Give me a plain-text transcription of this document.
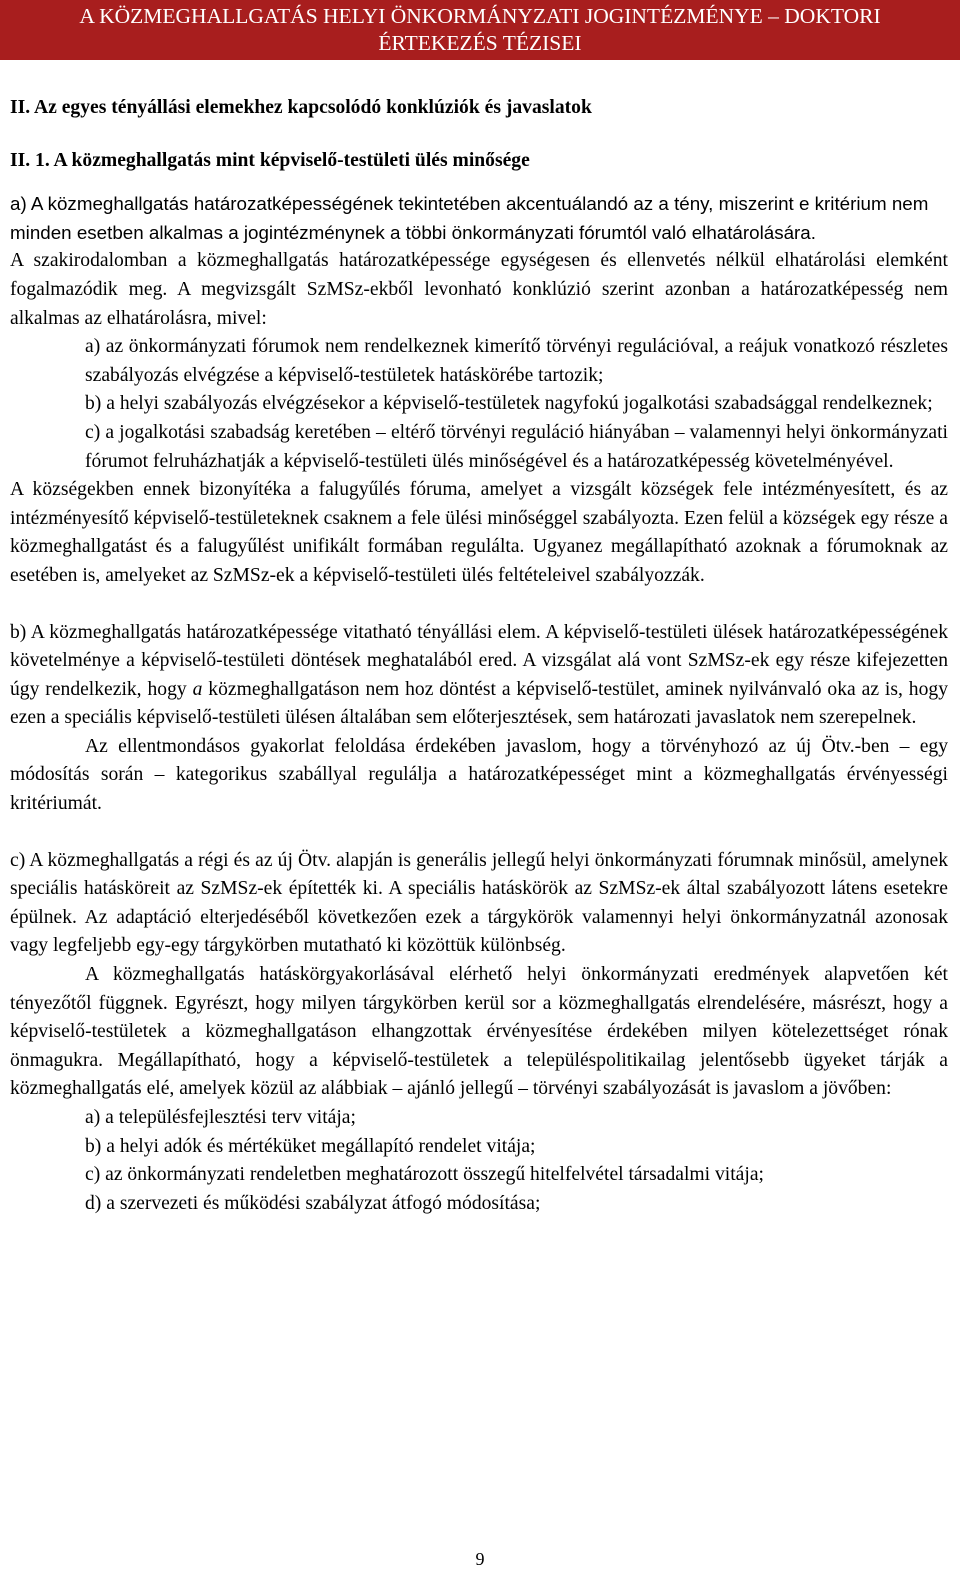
A KÖZMEGHALLGATÁS HELYI ÖNKORMÁNYZATI JOGINTÉZMÉNYE – DOKTORI
ÉRTEKEZÉS TÉZISEI
II. Az egyes tényállási elemekhez kapcsolódó konklúziók és javaslatok
II. 1. A közmeghallgatás mint képviselő-testületi ülés minősége

a) A közmeghallgatás határozatképességének tekintetében akcentuálandó az a tény, miszerint e kritérium nem minden esetben alkalmas a jogintézménynek a többi önkormányzati fórumtól való elhatárolására.

A szakirodalomban a közmeghallgatás határozatképessége egységesen és ellenvetés nélkül elhatárolási elemként fogalmazódik meg. A megvizsgált SzMSz-ekből levonható konklúzió szerint azonban a határozatképesség nem alkalmas az elhatárolásra, mivel:

a) az önkormányzati fórumok nem rendelkeznek kimerítő törvényi regulációval, a reájuk vonatkozó részletes szabályozás elvégzése a képviselő-testületek hatáskörébe tartozik;
b) a helyi szabályozás elvégzésekor a képviselő-testületek nagyfokú jogalkotási szabadsággal rendelkeznek;
c) a jogalkotási szabadság keretében – eltérő törvényi reguláció hiányában – valamennyi helyi önkormányzati fórumot felruházhatják a képviselő-testületi ülés minőségével és a határozatképesség követelményével.

A községekben ennek bizonyítéka a falugyűlés fóruma, amelyet a vizsgált községek fele intézményesített, és az intézményesítő képviselő-testületeknek csaknem a fele ülési minőséggel szabályozta. Ezen felül a községek egy része a közmeghallgatást és a falugyűlést unifikált formában regulálta. Ugyanez megállapítható azoknak a fórumoknak az esetében is, amelyeket az SzMSz-ek a képviselő-testületi ülés feltételeivel szabályozzák.

b) A közmeghallgatás határozatképessége vitatható tényállási elem. A képviselő-testületi ülések határozatképességének követelménye a képviselő-testületi döntések meghatalából ered. A vizsgálat alá vont SzMSz-ek egy része kifejezetten úgy rendelkezik, hogy a közmeghallgatáson nem hoz döntést a képviselő-testület, aminek nyilvánvaló oka az is, hogy ezen a speciális képviselő-testületi ülésen általában sem előterjesztések, sem határozati javaslatok nem szerepelnek.

Az ellentmondásos gyakorlat feloldása érdekében javaslom, hogy a törvényhozó az új Ötv.-ben – egy módosítás során – kategorikus szabállyal regulálja a határozatképességet mint a közmeghallgatás érvényességi kritériumát.

c) A közmeghallgatás a régi és az új Ötv. alapján is generális jellegű helyi önkormányzati fórumnak minősül, amelynek speciális hatásköreit az SzMSz-ek építették ki. A speciális hatáskörök az SzMSz-ek által szabályozott látens esetekre épülnek. Az adaptáció elterjedéséből következően ezek a tárgykörök valamennyi helyi önkormányzatnál azonosak vagy legfeljebb egy-egy tárgykörben mutatható ki közöttük különbség.

A közmeghallgatás hatáskörgyakorlásával elérhető helyi önkormányzati eredmények alapvetően két tényezőtől függnek. Egyrészt, hogy milyen tárgykörben kerül sor a közmeghallgatás elrendelésére, másrészt, hogy a képviselő-testületek a közmeghallgatáson elhangzottak érvényesítése érdekében milyen kötelezettséget rónak önmagukra. Megállapítható, hogy a képviselő-testületek a településpolitikailag jelentősebb ügyeket tárják a közmeghallgatás elé, amelyek közül az alábbiak – ajánló jellegű – törvényi szabályozását is javaslom a jövőben:

a) a településfejlesztési terv vitája;
b) a helyi adók és mértéküket megállapító rendelet vitája;
c) az önkormányzati rendeletben meghatározott összegű hitelfelvétel társadalmi vitája;
d) a szervezeti és működési szabályzat átfogó módosítása;
9
